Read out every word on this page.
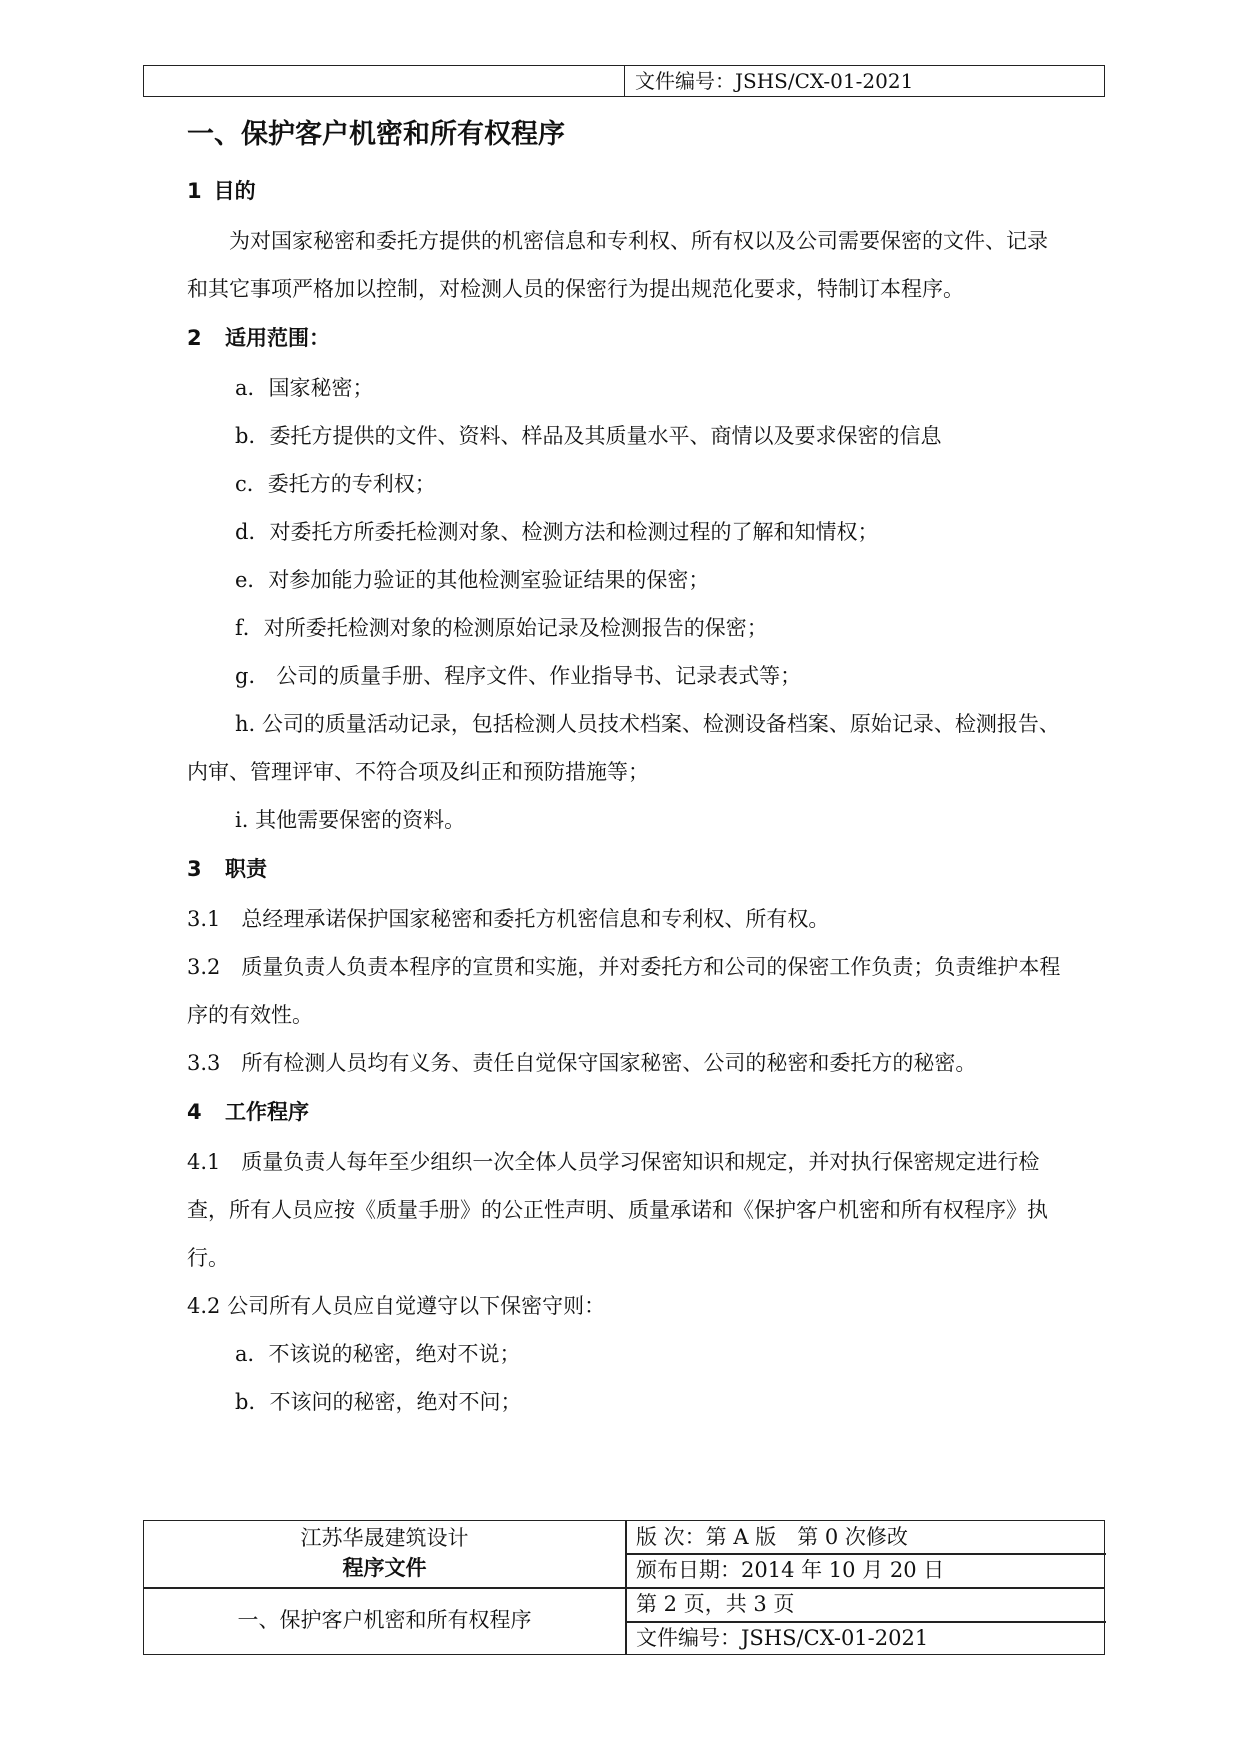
文件编号：JSHS/CX-01-2021
一、保护客户机密和所有权程序
1 目的

为对国家秘密和委托方提供的机密信息和专利权、所有权以及公司需要保密的文件、记录和其它事项严格加以控制，对检测人员的保密行为提出规范化要求，特制订本程序。

2 适用范围：

a．国家秘密；

b．委托方提供的文件、资料、样品及其质量水平、商情以及要求保密的信息

c．委托方的专利权；

d．对委托方所委托检测对象、检测方法和检测过程的了解和知情权；

e．对参加能力验证的其他检测室验证结果的保密；

f．对所委托检测对象的检测原始记录及检测报告的保密；

g． 公司的质量手册、程序文件、作业指导书、记录表式等；

h. 公司的质量活动记录，包括检测人员技术档案、检测设备档案、原始记录、检测报告、内审、管理评审、不符合项及纠正和预防措施等；

i. 其他需要保密的资料。

3 职责

3.1　总经理承诺保护国家秘密和委托方机密信息和专利权、所有权。

3.2　质量负责人负责本程序的宣贯和实施，并对委托方和公司的保密工作负责；负责维护本程序的有效性。

3.3　所有检测人员均有义务、责任自觉保守国家秘密、公司的秘密和委托方的秘密。

4 工作程序

4.1　质量负责人每年至少组织一次全体人员学习保密知识和规定，并对执行保密规定进行检查，所有人员应按《质量手册》的公正性声明、质量承诺和《保护客户机密和所有权程序》执行。

4.2 公司所有人员应自觉遵守以下保密守则：

a．不该说的秘密，绝对不说；

b．不该问的秘密，绝对不问；

江苏华晟建筑设计
程序文件
一、保护客户机密和所有权程序
版 次：第 A 版　第 0 次修改
颁布日期：2014 年 10 月 20 日
第 2 页，共 3 页
文件编号：JSHS/CX-01-2021
